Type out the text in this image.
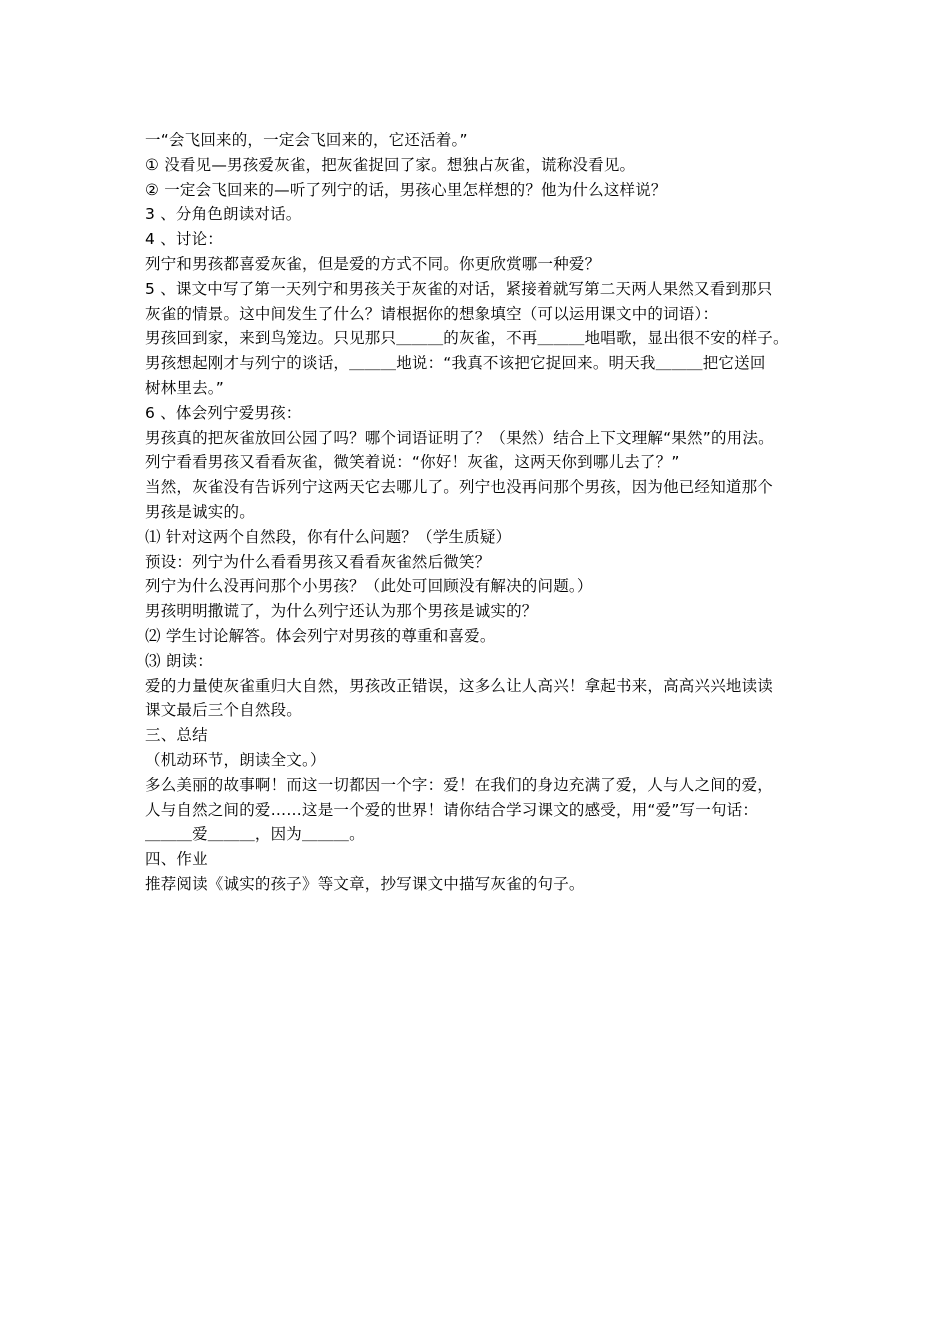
一“会飞回来的，一定会飞回来的，它还活着。”
① 没看见—男孩爱灰雀，把灰雀捉回了家。想独占灰雀，谎称没看见。
② 一定会飞回来的—听了列宁的话，男孩心里怎样想的？他为什么这样说？
3 、分角色朗读对话。
4 、讨论：
列宁和男孩都喜爱灰雀，但是爱的方式不同。你更欣赏哪一种爱？
5 、课文中写了第一天列宁和男孩关于灰雀的对话，紧接着就写第二天两人果然又看到那只
灰雀的情景。这中间发生了什么？请根据你的想象填空（可以运用课文中的词语）：
男孩回到家，来到鸟笼边。只见那只＿＿＿的灰雀，不再＿＿＿地唱歌，显出很不安的样子。
男孩想起刚才与列宁的谈话，＿＿＿地说：“我真不该把它捉回来。明天我＿＿＿把它送回
树林里去。”
6 、体会列宁爱男孩：
男孩真的把灰雀放回公园了吗？哪个词语证明了？（果然）结合上下文理解“果然”的用法。
列宁看看男孩又看看灰雀，微笑着说：“你好！灰雀，这两天你到哪儿去了？”
当然，灰雀没有告诉列宁这两天它去哪儿了。列宁也没再问那个男孩，因为他已经知道那个
男孩是诚实的。
⑴ 针对这两个自然段，你有什么问题？（学生质疑）
预设：列宁为什么看看男孩又看看灰雀然后微笑？
列宁为什么没再问那个小男孩？（此处可回顾没有解决的问题。）
男孩明明撒谎了，为什么列宁还认为那个男孩是诚实的？
⑵ 学生讨论解答。体会列宁对男孩的尊重和喜爱。
⑶ 朗读：
爱的力量使灰雀重归大自然，男孩改正错误，这多么让人高兴！拿起书来，高高兴兴地读读
课文最后三个自然段。
三、总结
（机动环节，朗读全文。）
多么美丽的故事啊！而这一切都因一个字：爱！在我们的身边充满了爱，人与人之间的爱，
人与自然之间的爱……这是一个爱的世界！请你结合学习课文的感受，用“爱”写一句话：
＿＿＿爱＿＿＿，因为＿＿＿。
四、作业
推荐阅读《诚实的孩子》等文章，抄写课文中描写灰雀的句子。
